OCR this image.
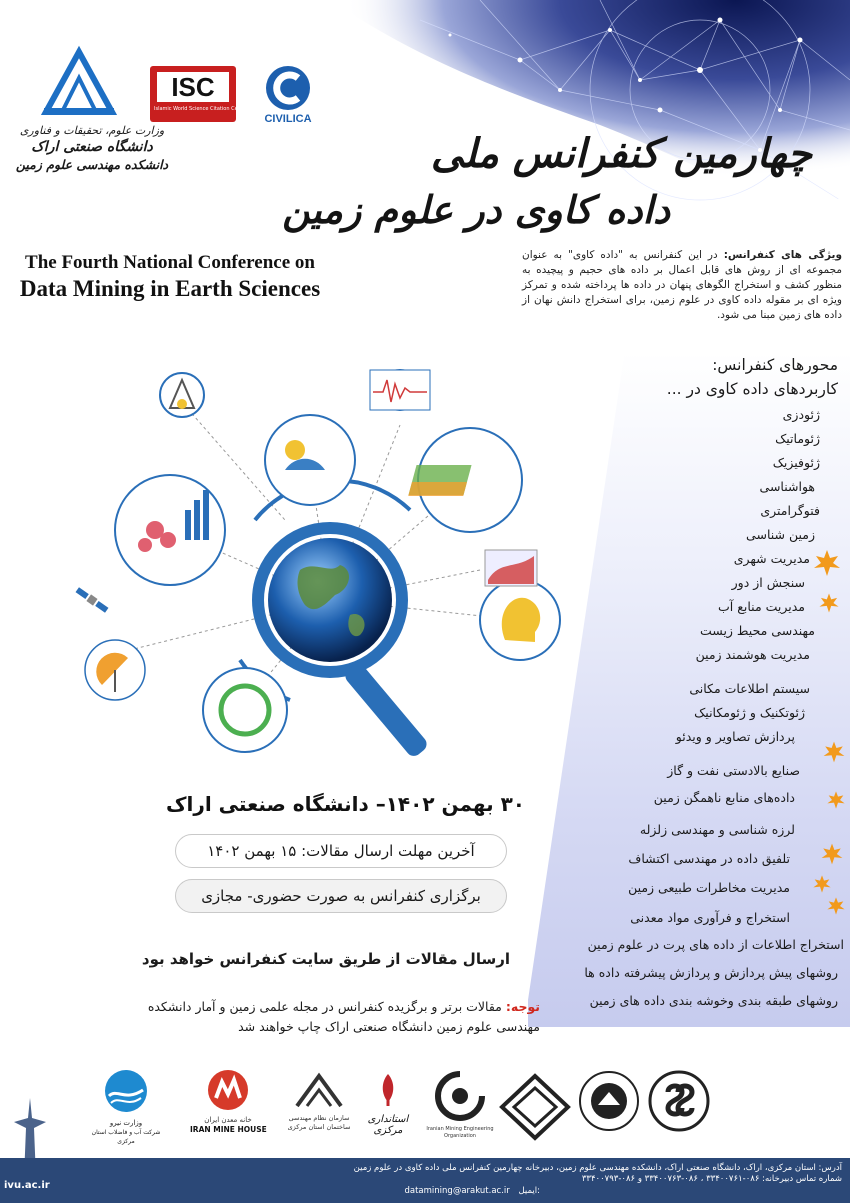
وزارت علوم، تحقیقات و فناوری
دانشگاه صنعتی اراک
دانشکده مهندسی علوم زمین
ISC
Islamic World Science Citation Center
CIVILICA
چهارمین کنفرانس ملی
داده کاوی در علوم زمین
The Fourth National Conference on
Data Mining in Earth Sciences
ویژگی های کنفرانس: در این کنفرانس به "داده کاوی" به عنوان مجموعه ای از روش های قابل اعمال بر داده های حجیم و پیچیده به منظور کشف و استخراج الگوهای پنهان در داده ها پرداخته شده و تمرکز ویژه ای بر مقوله داده کاوی در علوم زمین، برای استخراج دانش نهان از داده های زمین مبنا می شود.
محورهای کنفرانس:
کاربردهای داده کاوی در ...
ژئودزی
ژئوماتیک
ژئوفیزیک
هواشناسی
فتوگرامتری
زمین شناسی
مدیریت شهری
سنجش از دور
مدیریت منابع آب
مهندسی محیط زیست
مدیریت هوشمند زمین
سیستم اطلاعات مکانی
ژئوتکنیک و ژئومکانیک
پردازش تصاویر و ویدئو
صنایع بالادستی نفت و گاز
داده‌های منابع ناهمگن زمین
لرزه شناسی و مهندسی زلزله
تلفیق داده در مهندسی اکتشاف
مدیریت مخاطرات طبیعی زمین
استخراج و فرآوری مواد معدنی
استخراج اطلاعات از داده های پرت در علوم زمین
روشهای پیش پردازش و پردازش پیشرفته داده ها
روشهای طبقه بندی وخوشه بندی داده های زمین
۳۰ بهمن ۱۴۰۲– دانشگاه صنعتی اراک
آخرین مهلت ارسال مقالات: ۱۵ بهمن ۱۴۰۲
برگزاری کنفرانس به صورت حضوری- مجازی
ارسال مقالات از طریق سایت کنفرانس خواهد بود
توجه: مقالات برتر و برگزیده کنفرانس در مجله علمی زمین و آمار دانشکده مهندسی علوم زمین دانشگاه صنعتی اراک چاپ خواهند شد
وزارت نیرو
شرکت آب و فاضلاب استان مرکزی
خانه معدن ایران
IRAN MINE HOUSE
سازمان نظام مهندسی ساختمان استان مرکزی
استانداری مرکزی	Iranian Mining Engineering Organization
آدرس: استان مرکزی، اراک، دانشگاه صنعتی اراک، دانشکده مهندسی علوم زمین، دبیرخانه چهارمین کنفرانس ملی داده کاوی در علوم زمین
شماره تماس دبیرخانه: ۰۸۶-۳۳۴۰۰۷۶۱ ، ۰۸۶-۳۳۴۰۰۷۶۳ و ۰۸۶-۳۳۴۰۰۷۹۳
datamining@arakut.ac.ir ایمیل:
ivu.ac.ir
